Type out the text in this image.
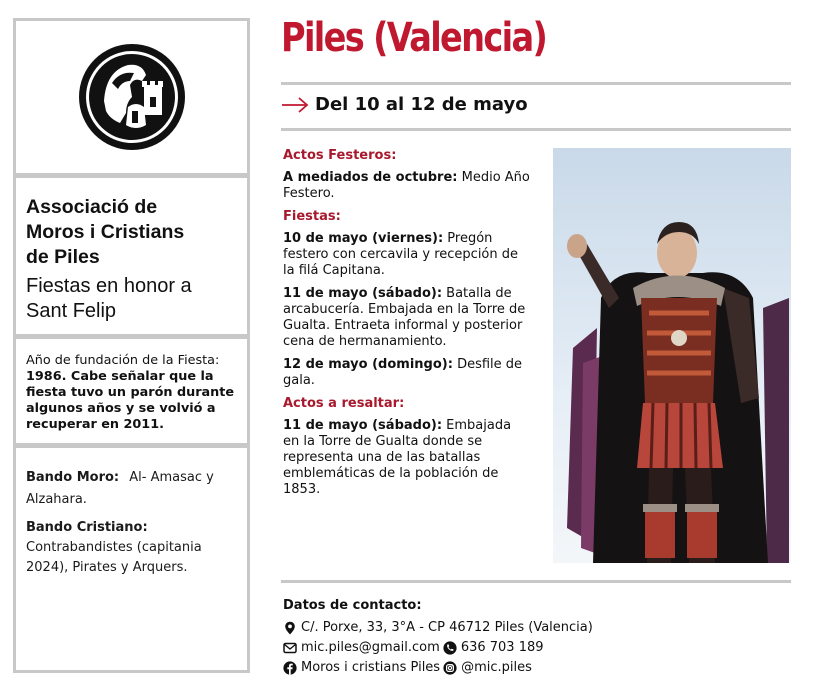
Associació de
Moros i Cristians
de Piles
Fiestas en honor a
Sant Felip
Año de fundación de la Fiesta: 1986. Cabe señalar que la fiesta tuvo un parón durante algunos años y se volvió a recuperar en 2011.
Bando Moro: Al- Amasac y Alzahara.
Bando Cristiano:
Contrabandistes (capitania 2024), Pirates y Arquers.
Piles (Valencia)
Del 10 al 12 de mayo
Actos Festeros:
A mediados de octubre: Medio Año Festero.
Fiestas:
10 de mayo (viernes): Pregón festero con cercavila y recepción de la filá Capitana.
11 de mayo (sábado): Batalla de arcabucería. Embajada en la Torre de Gualta. Entraeta informal y posterior cena de hermanamiento.
12 de mayo (domingo): Desfile de gala.
Actos a resaltar:
11 de mayo (sábado): Embajada en la Torre de Gualta donde se representa una de las batallas emblemáticas de la población de 1853.
Datos de contacto:
C/. Porxe, 33, 3°A - CP 46712 Piles (Valencia)
mic.piles@gmail.com 636 703 189
Moros i cristians Piles @mic.piles
